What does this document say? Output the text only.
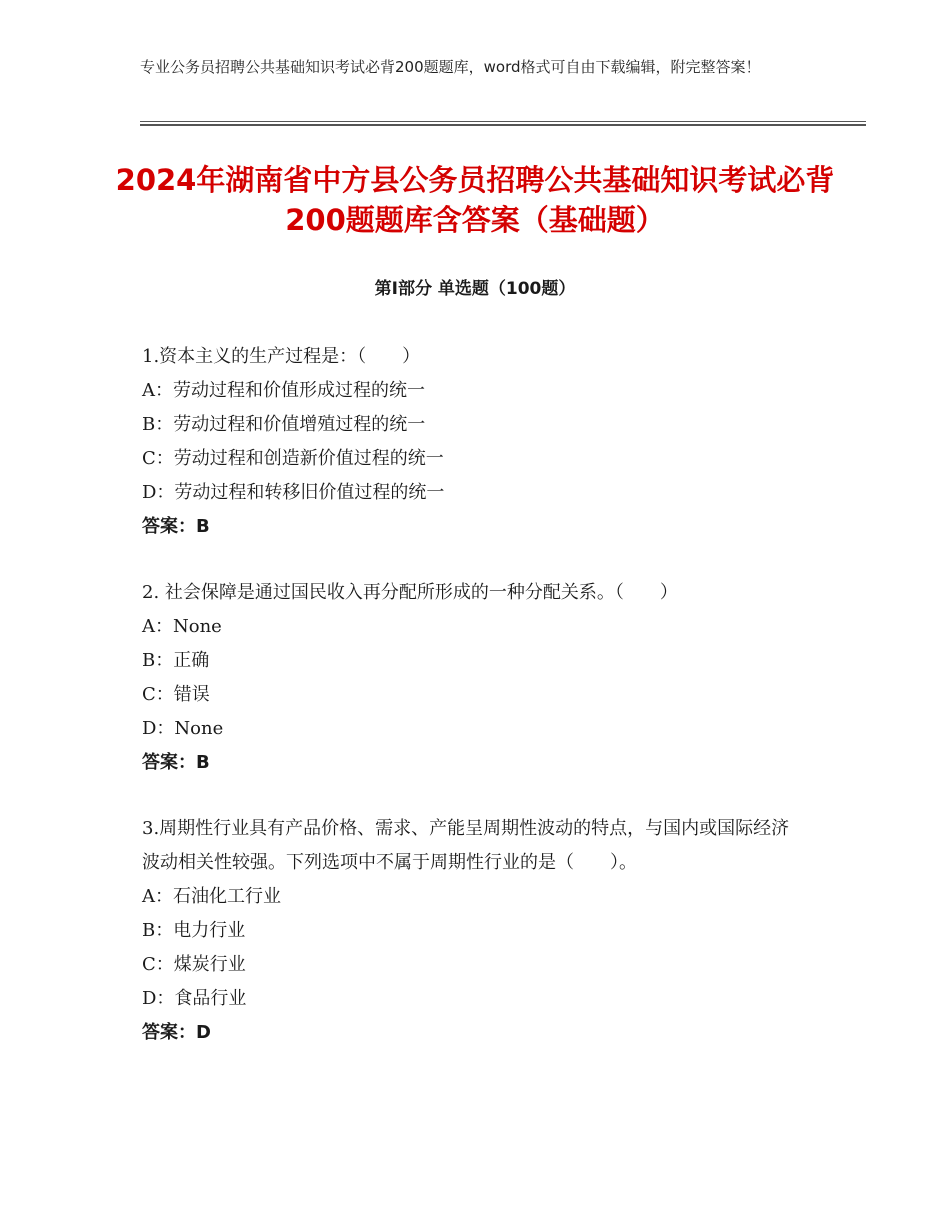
专业公务员招聘公共基础知识考试必背200题题库，word格式可自由下载编辑，附完整答案！
2024年湖南省中方县公务员招聘公共基础知识考试必背200题题库含答案（基础题）
第Ⅰ部分 单选题（100题）

1.资本主义的生产过程是：（　　）

A：劳动过程和价值形成过程的统一

B：劳动过程和价值增殖过程的统一

C：劳动过程和创造新价值过程的统一

D：劳动过程和转移旧价值过程的统一

答案：B

2. 社会保障是通过国民收入再分配所形成的一种分配关系。（　　）

A：None

B：正确

C：错误

D：None

答案：B

3.周期性行业具有产品价格、需求、产能呈周期性波动的特点，与国内或国际经济波动相关性较强。下列选项中不属于周期性行业的是（　　）。

A：石油化工行业

B：电力行业

C：煤炭行业

D：食品行业

答案：D
